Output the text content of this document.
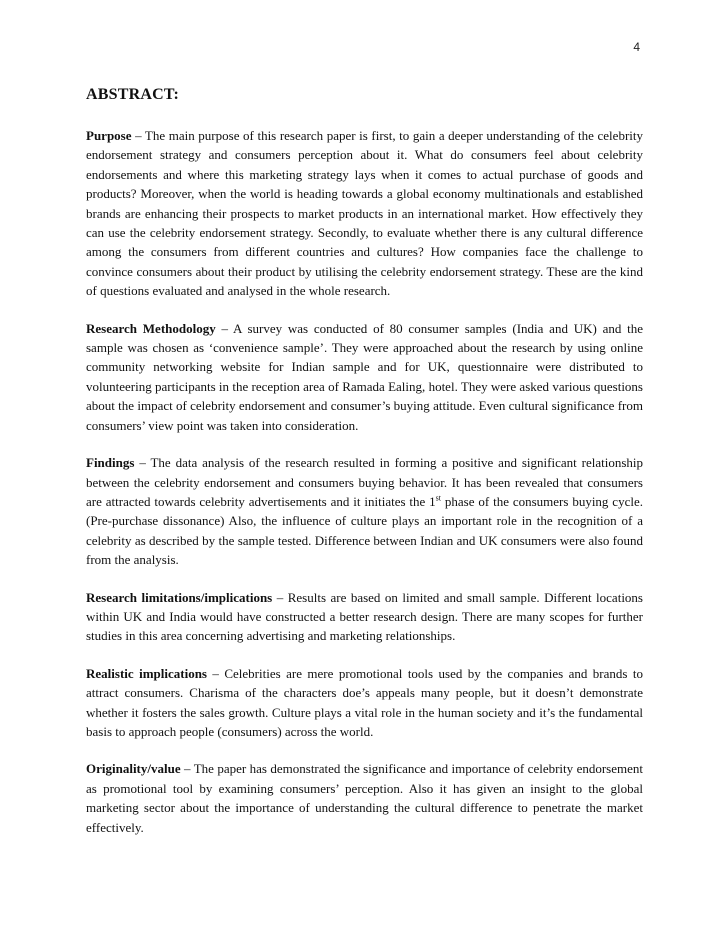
4
ABSTRACT:

Purpose – The main purpose of this research paper is first, to gain a deeper understanding of the celebrity endorsement strategy and consumers perception about it. What do consumers feel about celebrity endorsements and where this marketing strategy lays when it comes to actual purchase of goods and products? Moreover, when the world is heading towards a global economy multinationals and established brands are enhancing their prospects to market products in an international market. How effectively they can use the celebrity endorsement strategy. Secondly, to evaluate whether there is any cultural difference among the consumers from different countries and cultures? How companies face the challenge to convince consumers about their product by utilising the celebrity endorsement strategy. These are the kind of questions evaluated and analysed in the whole research.

Research Methodology – A survey was conducted of 80 consumer samples (India and UK) and the sample was chosen as ‘convenience sample’. They were approached about the research by using online community networking website for Indian sample and for UK, questionnaire were distributed to volunteering participants in the reception area of Ramada Ealing, hotel. They were asked various questions about the impact of celebrity endorsement and consumer’s buying attitude. Even cultural significance from consumers’ view point was taken into consideration.

Findings – The data analysis of the research resulted in forming a positive and significant relationship between the celebrity endorsement and consumers buying behavior. It has been revealed that consumers are attracted towards celebrity advertisements and it initiates the 1st phase of the consumers buying cycle. (Pre-purchase dissonance) Also, the influence of culture plays an important role in the recognition of a celebrity as described by the sample tested. Difference between Indian and UK consumers were also found from the analysis.

Research limitations/implications – Results are based on limited and small sample. Different locations within UK and India would have constructed a better research design. There are many scopes for further studies in this area concerning advertising and marketing relationships.

Realistic implications – Celebrities are mere promotional tools used by the companies and brands to attract consumers. Charisma of the characters doe’s appeals many people, but it doesn’t demonstrate whether it fosters the sales growth. Culture plays a vital role in the human society and it’s the fundamental basis to approach people (consumers) across the world.

Originality/value – The paper has demonstrated the significance and importance of celebrity endorsement as promotional tool by examining consumers’ perception. Also it has given an insight to the global marketing sector about the importance of understanding the cultural difference to penetrate the market effectively.
